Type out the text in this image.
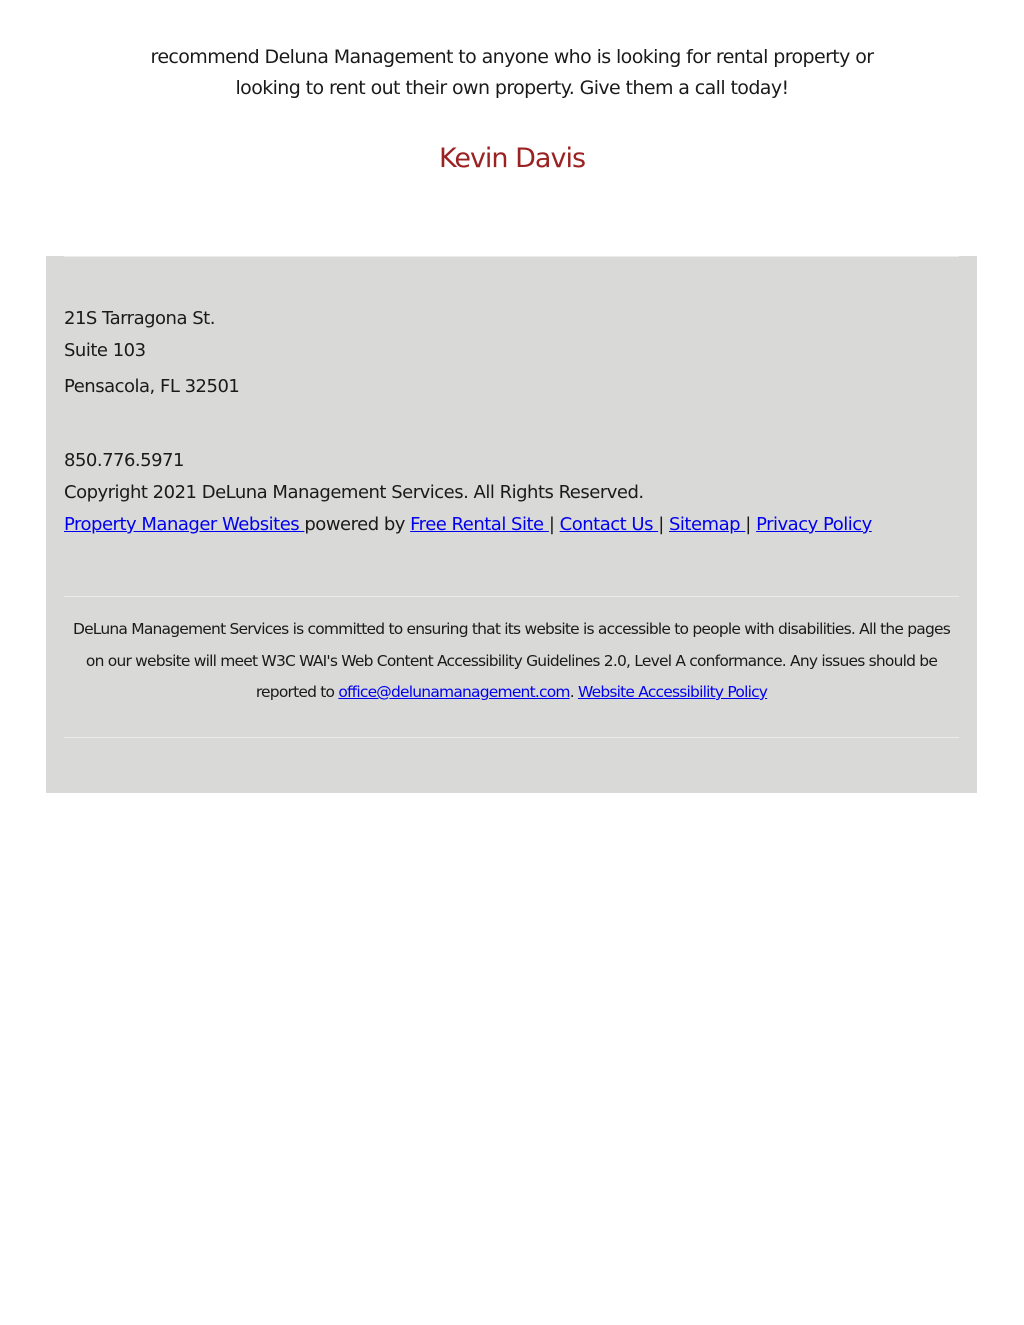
recommend Deluna Management to anyone who is looking for rental property or

looking to rent out their own property. Give them a call today!

Kevin Davis
21S Tarragona St.
Suite 103
Pensacola, FL 32501
850.776.5971
Copyright 2021 DeLuna Management Services. All Rights Reserved.
Property Manager Websites powered by Free Rental Site | Contact Us | Sitemap | Privacy Policy
DeLuna Management Services is committed to ensuring that its website is accessible to people with disabilities. All the pages on our website will meet W3C WAI's Web Content Accessibility Guidelines 2.0, Level A conformance. Any issues should be reported to office@delunamanagement.com. Website Accessibility Policy
